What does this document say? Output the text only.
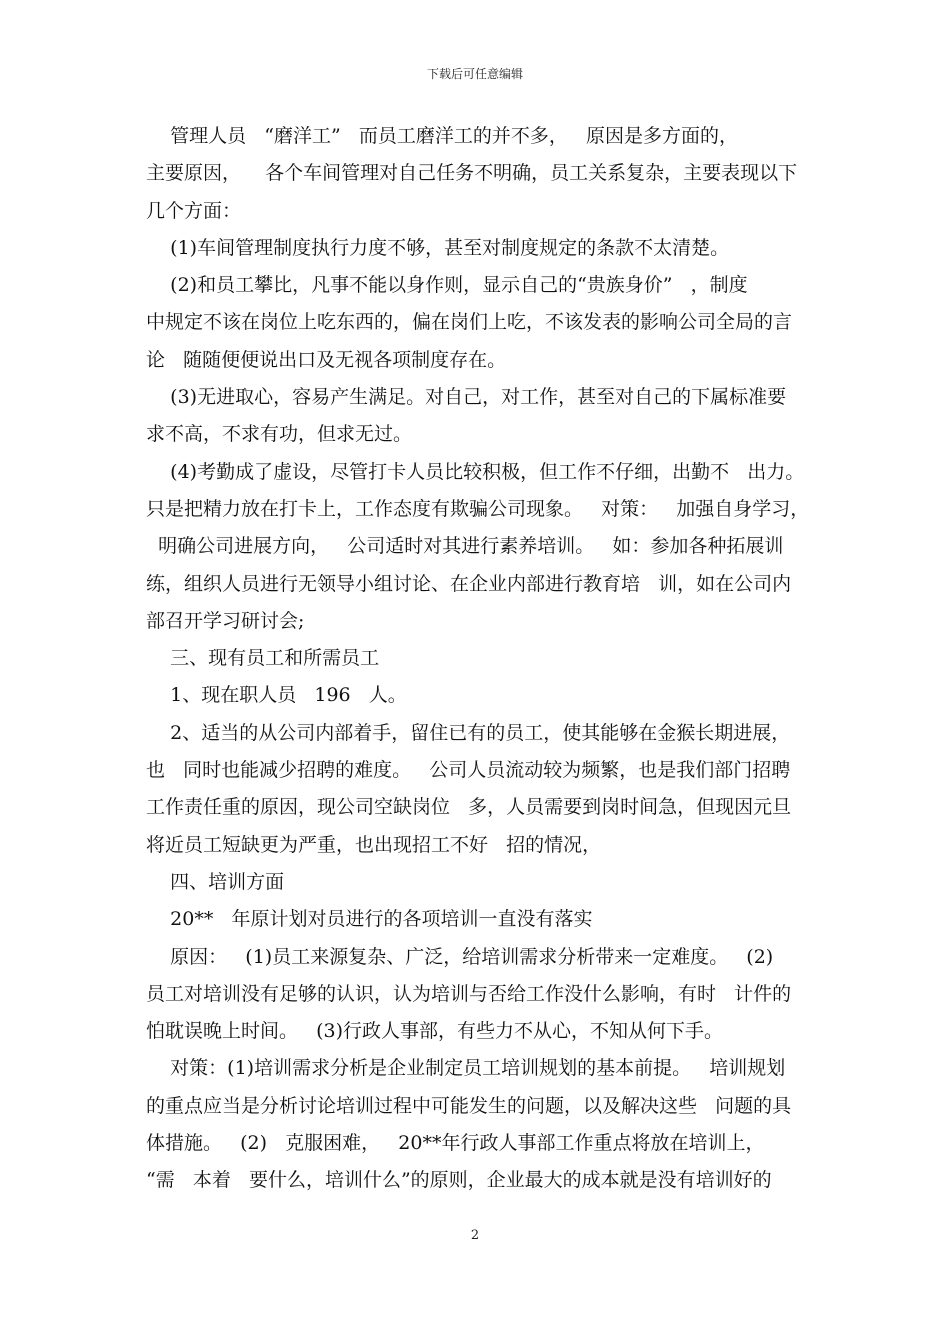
下载后可任意编辑
管理人员   “磨洋工”   而员工磨洋工的并不多，   原因是多方面的，
主要原因，    各个车间管理对自己任务不明确，员工关系复杂，主要表现以下
几个方面：
(1)车间管理制度执行力度不够，甚至对制度规定的条款不太清楚。
(2)和员工攀比，凡事不能以身作则，显示自己的“贵族身价”   ，制度
中规定不该在岗位上吃东西的，偏在岗们上吃，不该发表的影响公司全局的言
论   随随便便说出口及无视各项制度存在。
(3)无进取心，容易产生满足。对自己，对工作，甚至对自己的下属标准要
求不高，不求有功，但求无过。
(4)考勤成了虚设，尽管打卡人员比较积极，但工作不仔细，出勤不   出力。
只是把精力放在打卡上，工作态度有欺骗公司现象。   对策：   加强自身学习，
明确公司进展方向，   公司适时对其进行素养培训。   如：参加各种拓展训
练，组织人员进行无领导小组讨论、在企业内部进行教育培   训，如在公司内
部召开学习研讨会;
三、现有员工和所需员工
1、现在职人员   196   人。
2、适当的从公司内部着手，留住已有的员工，使其能够在金猴长期进展，
也   同时也能减少招聘的难度。   公司人员流动较为频繁，也是我们部门招聘
工作责任重的原因，现公司空缺岗位   多，人员需要到岗时间急，但现因元旦
将近员工短缺更为严重，也出现招工不好   招的情况，
四、培训方面
20**   年原计划对员进行的各项培训一直没有落实
原因：   (1)员工来源复杂、广泛，给培训需求分析带来一定难度。   (2)
员工对培训没有足够的认识，认为培训与否给工作没什么影响，有时   计件的
怕耽误晚上时间。   (3)行政人事部，有些力不从心，不知从何下手。
对策：(1)培训需求分析是企业制定员工培训规划的基本前提。   培训规划
的重点应当是分析讨论培训过程中可能发生的问题，以及解决这些   问题的具
体措施。   (2)   克服困难，   20**年行政人事部工作重点将放在培训上，
“需   本着   要什么，培训什么”的原则，企业最大的成本就是没有培训好的
2
